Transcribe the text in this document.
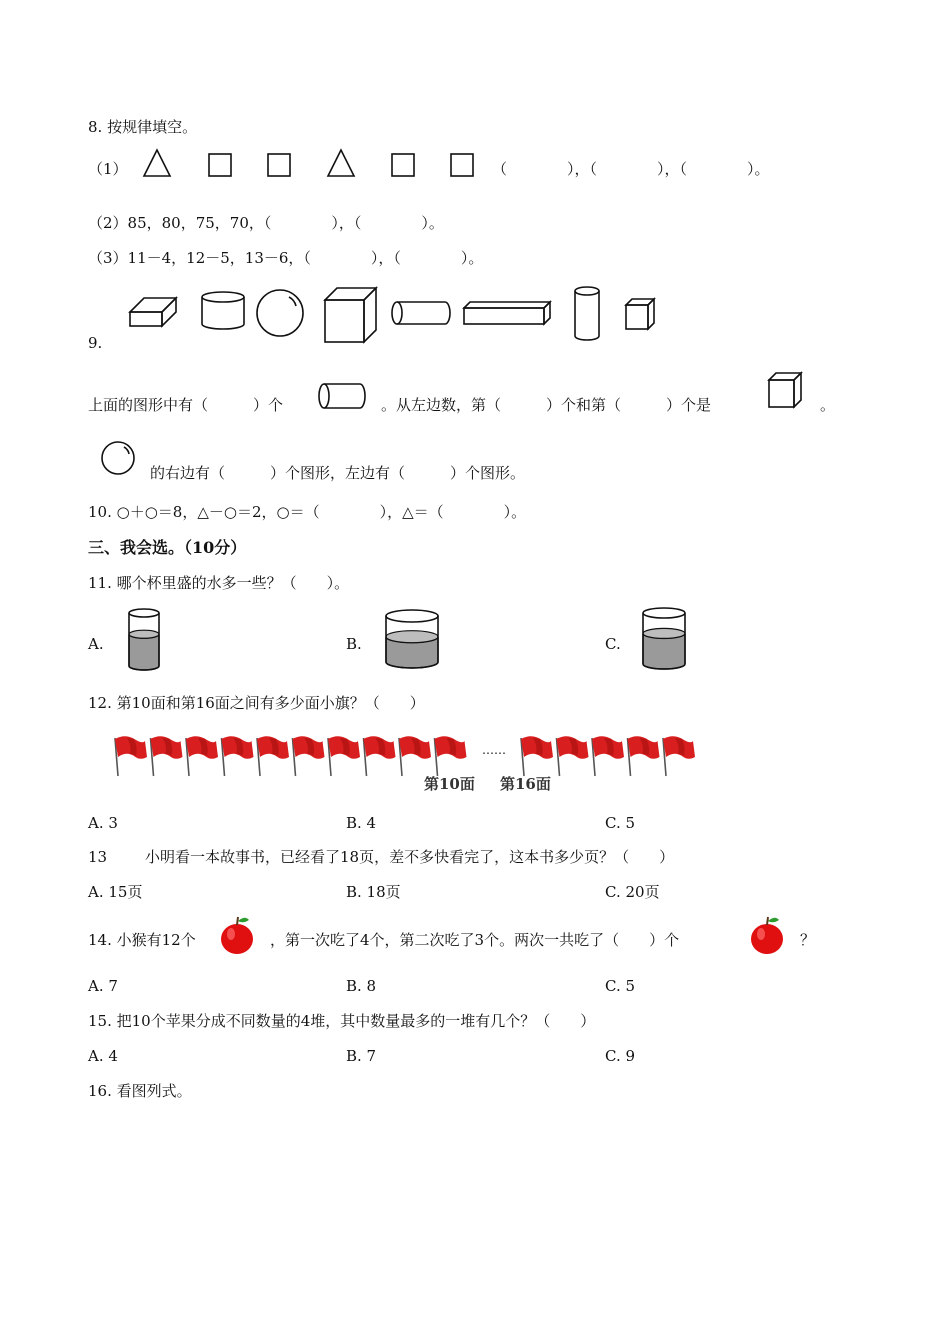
8. 按规律填空。
（1）	（　　　　），（　　　　），（　　　　）。
（2）85，80，75，70，（　　　　），（　　　　）。
（3）11－4，12－5，13－6，（　　　　），（　　　　）。
9.
上面的图形中有（　　　）个	。从左边数，第（　　　）个和第（　　　）个是	。
的右边有（　　　）个图形，左边有（　　　）个图形。
10. ○＋○＝8，△－○＝2，○＝（　　　　），△＝（　　　　）。
三、我会选。（10分）
11. 哪个杯里盛的水多一些？（　　）。
A.	B.	C.
12. 第10面和第16面之间有多少面小旗？（　　）
……
第10面 第16面
A. 3	B. 4	C. 5
13	小明看一本故事书，已经看了18页，差不多快看完了，这本书多少页？（　　）
A. 15页	B. 18页	C. 20页
14. 小猴有12个	，第一次吃了4个，第二次吃了3个。两次一共吃了（　　）个	？
A. 7	B. 8	C. 5
15. 把10个苹果分成不同数量的4堆，其中数量最多的一堆有几个？（　　）
A. 4	B. 7	C. 9
16. 看图列式。
